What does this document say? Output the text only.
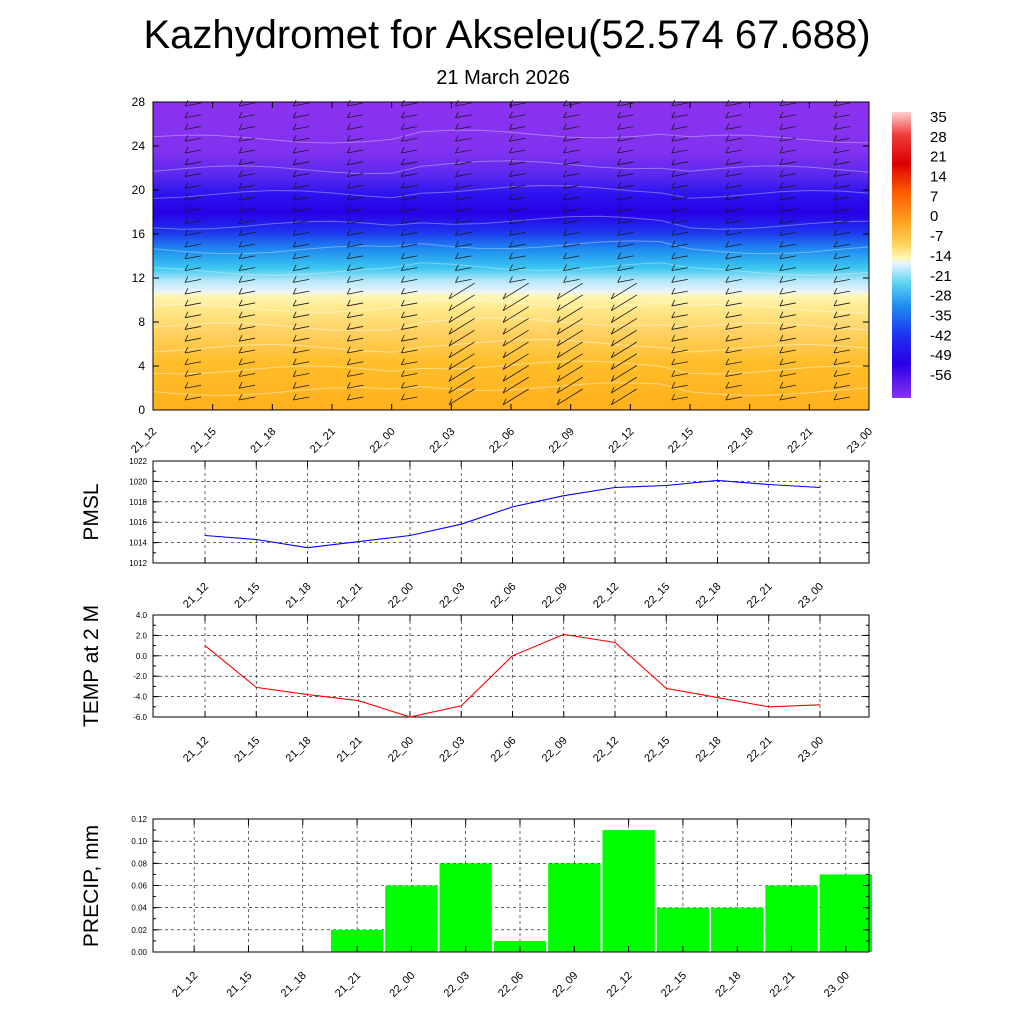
Kazhydromet for Akseleu(52.574 67.688)
21 March 2026
0
4
8
12
16
20
24
28
21_12	21_15	21_18	21_21	22_00	22_03	22_06	22_09	22_12	22_15	22_18	22_21	23_00
35
28
21
14
7
0
-7
-14
-21
-28
-35
-42
-49
-56
1012
1014
1016
1018
1020
1022
PMSL
21_12 21_15 21_18 21_21 22_00 22_03 22_06 22_09 22_12 22_15 22_18 22_21 23_00
-6.0
-4.0
-2.0
0.0
2.0
4.0
TEMP at 2 M
21_12 21_15 21_18 21_21 22_00 22_03 22_06 22_09 22_12 22_15 22_18 22_21 23_00
0.00
0.02
0.04
0.06
0.08
0.10
0.12
PRECIP, mm
21_12 21_15 21_18 21_21 22_00 22_03 22_06 22_09 22_12 22_15 22_18 22_21 23_00
